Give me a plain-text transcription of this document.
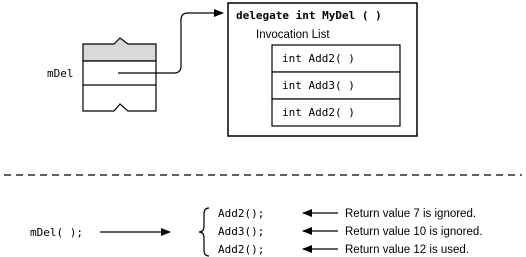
mDel
delegate int MyDel ( )
Invocation List
int Add2( )
int Add3( )
int Add2( )
mDel( );
Add2();
Add3();
Add2();
Return value 7 is ignored.
Return value 10 is ignored.
Return value 12 is used.
